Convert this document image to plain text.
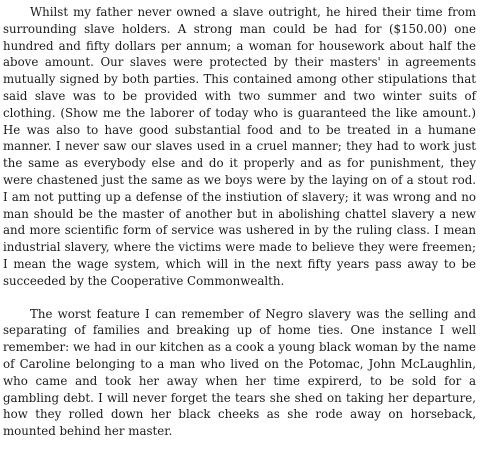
Whilst my father never owned a slave outright, he hired their time from surrounding slave holders. A strong man could be had for ($150.00) one hundred and fifty dollars per annum; a woman for housework about half the above amount. Our slaves were protected by their masters' in agreements mutually signed by both parties. This contained among other stipulations that said slave was to be provided with two summer and two winter suits of clothing. (Show me the laborer of today who is guaranteed the like amount.) He was also to have good substantial food and to be treated in a humane manner. I never saw our slaves used in a cruel manner; they had to work just the same as everybody else and do it properly and as for punishment, they were chastened just the same as we boys were by the laying on of a stout rod. I am not putting up a defense of the instiution of slavery; it was wrong and no man should be the master of another but in abolishing chattel slavery a new and more scientific form of service was ushered in by the ruling class. I mean industrial slavery, where the victims were made to believe they were freemen; I mean the wage system, which will in the next fifty years pass away to be succeeded by the Cooperative Commonwealth.

The worst feature I can remember of Negro slavery was the selling and separating of families and breaking up of home ties. One instance I well remember: we had in our kitchen as a cook a young black woman by the name of Caroline belonging to a man who lived on the Potomac, John McLaughlin, who came and took her away when her time expirerd, to be sold for a gambling debt. I will never forget the tears she shed on taking her departure, how they rolled down her black cheeks as she rode away on horseback, mounted behind her master.
